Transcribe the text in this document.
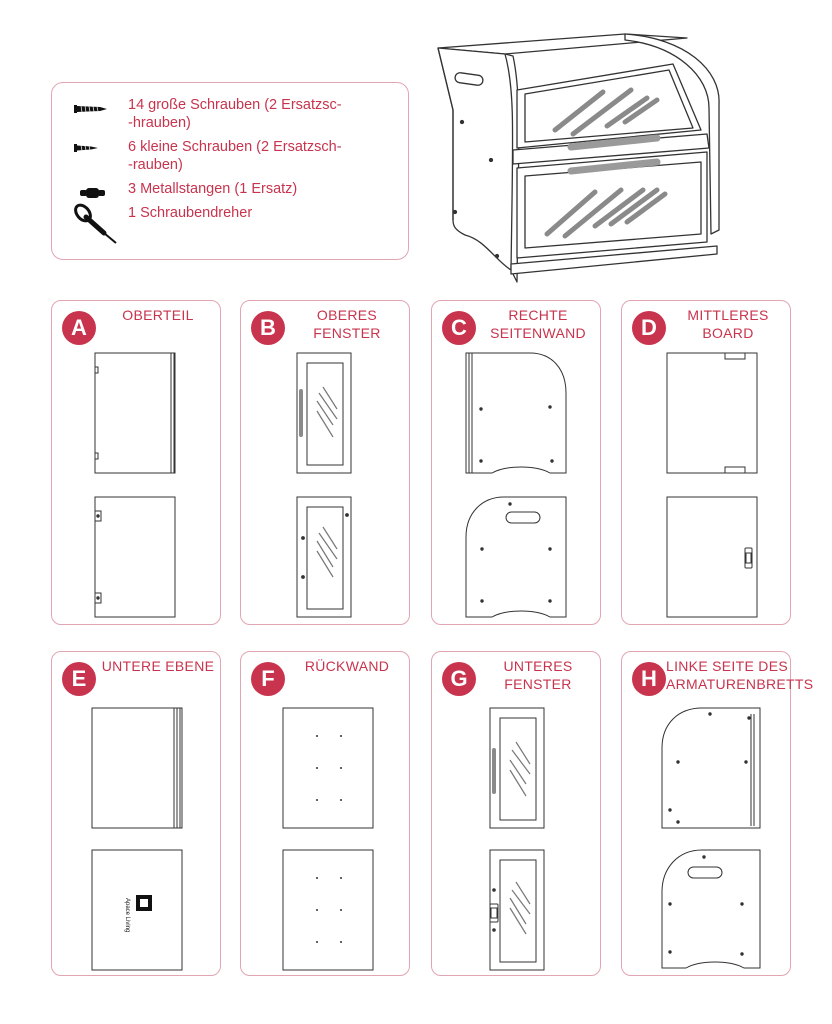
14 große Schrauben (2 Ersatzsc-
-hrauben)
6 kleine Schrauben (2 Ersatzsch-
-rauben)
3 Metallstangen (1 Ersatz)
1 Schraubendreher
A	OBERTEIL	B	OBERES FENSTER	C	RECHTE SEITENWAND	D	MITTLERES BOARD
E	UNTERE EBENE
Apace Living
F	RÜCKWAND	G	UNTERES FENSTER	H LINKE SEITE DES ARMATURENBRETTS
